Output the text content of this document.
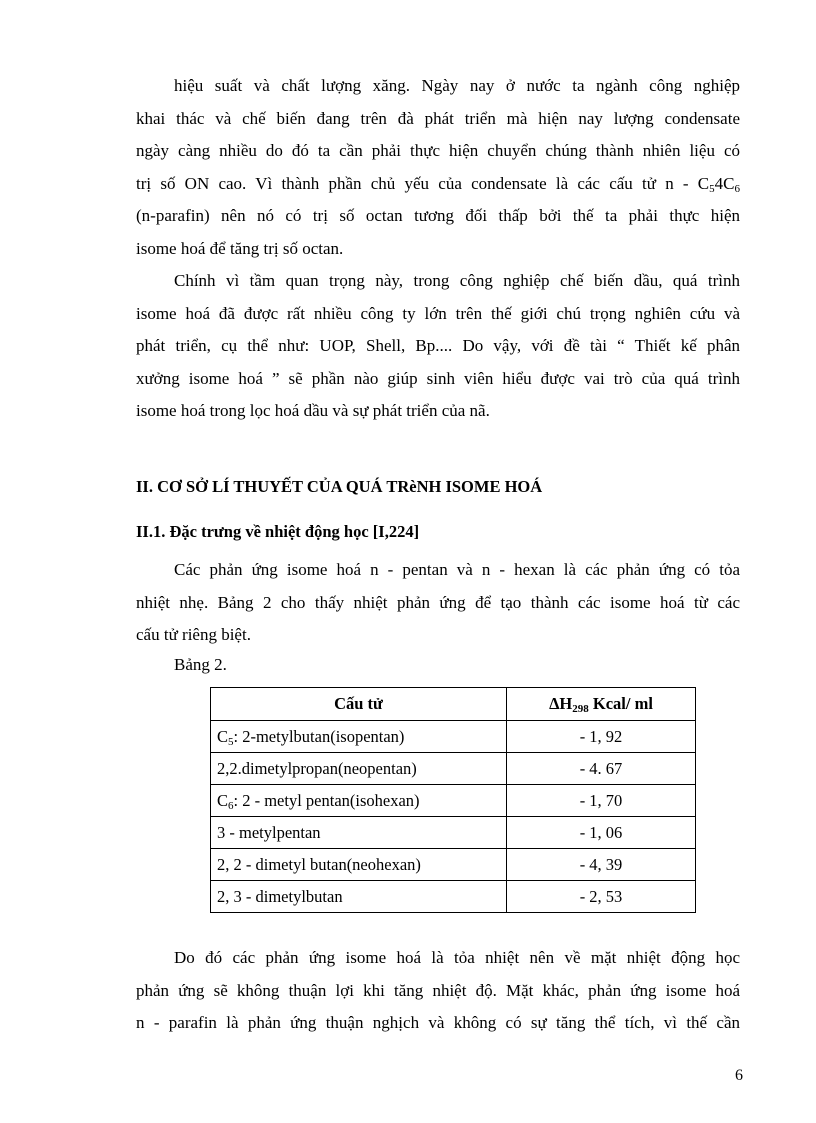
hiệu suất và chất lượng xăng. Ngày nay ở nước ta ngành công nghiệp
khai thác và chế biến đang trên đà phát triển mà hiện nay lượng condensate
ngày càng nhiều do đó ta cần phải thực hiện chuyển chúng thành nhiên liệu có
trị số ON cao. Vì thành phần chủ yếu của condensate là các cấu tử n - $C_54C_6$
(n-parafin) nên nó có trị số octan tương đối thấp bởi thế ta phải thực hiện
isome hoá để tăng trị số octan.
Chính vì tầm quan trọng này, trong công nghiệp chế biến dầu, quá trình
isome hoá đã được rất nhiều công ty lớn trên thế giới chú trọng nghiên cứu và
phát triển, cụ thể như: UOP, Shell, Bp.... Do vậy, với đề tài “ Thiết kế phân
xưởng isome hoá ” sẽ phần nào giúp sinh viên hiểu được vai trò của quá trình
isome hoá trong lọc hoá dầu và sự phát triển của nã.
II. CƠ SỞ LÍ THUYẾT CỦA QUÁ TRèNH ISOME HOÁ
II.1. Đặc trưng về nhiệt động học [I,224]
Các phản ứng isome hoá n - pentan và n - hexan là các phản ứng có tỏa
nhiệt nhẹ. Bảng 2 cho thấy nhiệt phản ứng để tạo thành các isome hoá từ các
cấu tử riêng biệt.
Bảng 2.
Cấu tử	$\Delta H_{298}$ Kcal/ ml
$C_5$: 2-metylbutan(isopentan)	- 1, 92
2,2.dimetylpropan(neopentan)	- 4. 67
$C_6$: 2 - metyl pentan(isohexan)	- 1, 70
3 - metylpentan	- 1, 06
2, 2 - dimetyl butan(neohexan)	- 4, 39
2, 3 - dimetylbutan	- 2, 53
Do đó các phản ứng isome hoá là tỏa nhiệt nên về mặt nhiệt động học
phản ứng sẽ không thuận lợi khi tăng nhiệt độ. Mặt khác, phản ứng isome hoá
n - parafin là phản ứng thuận nghịch và không có sự tăng thể tích, vì thế cần
6
